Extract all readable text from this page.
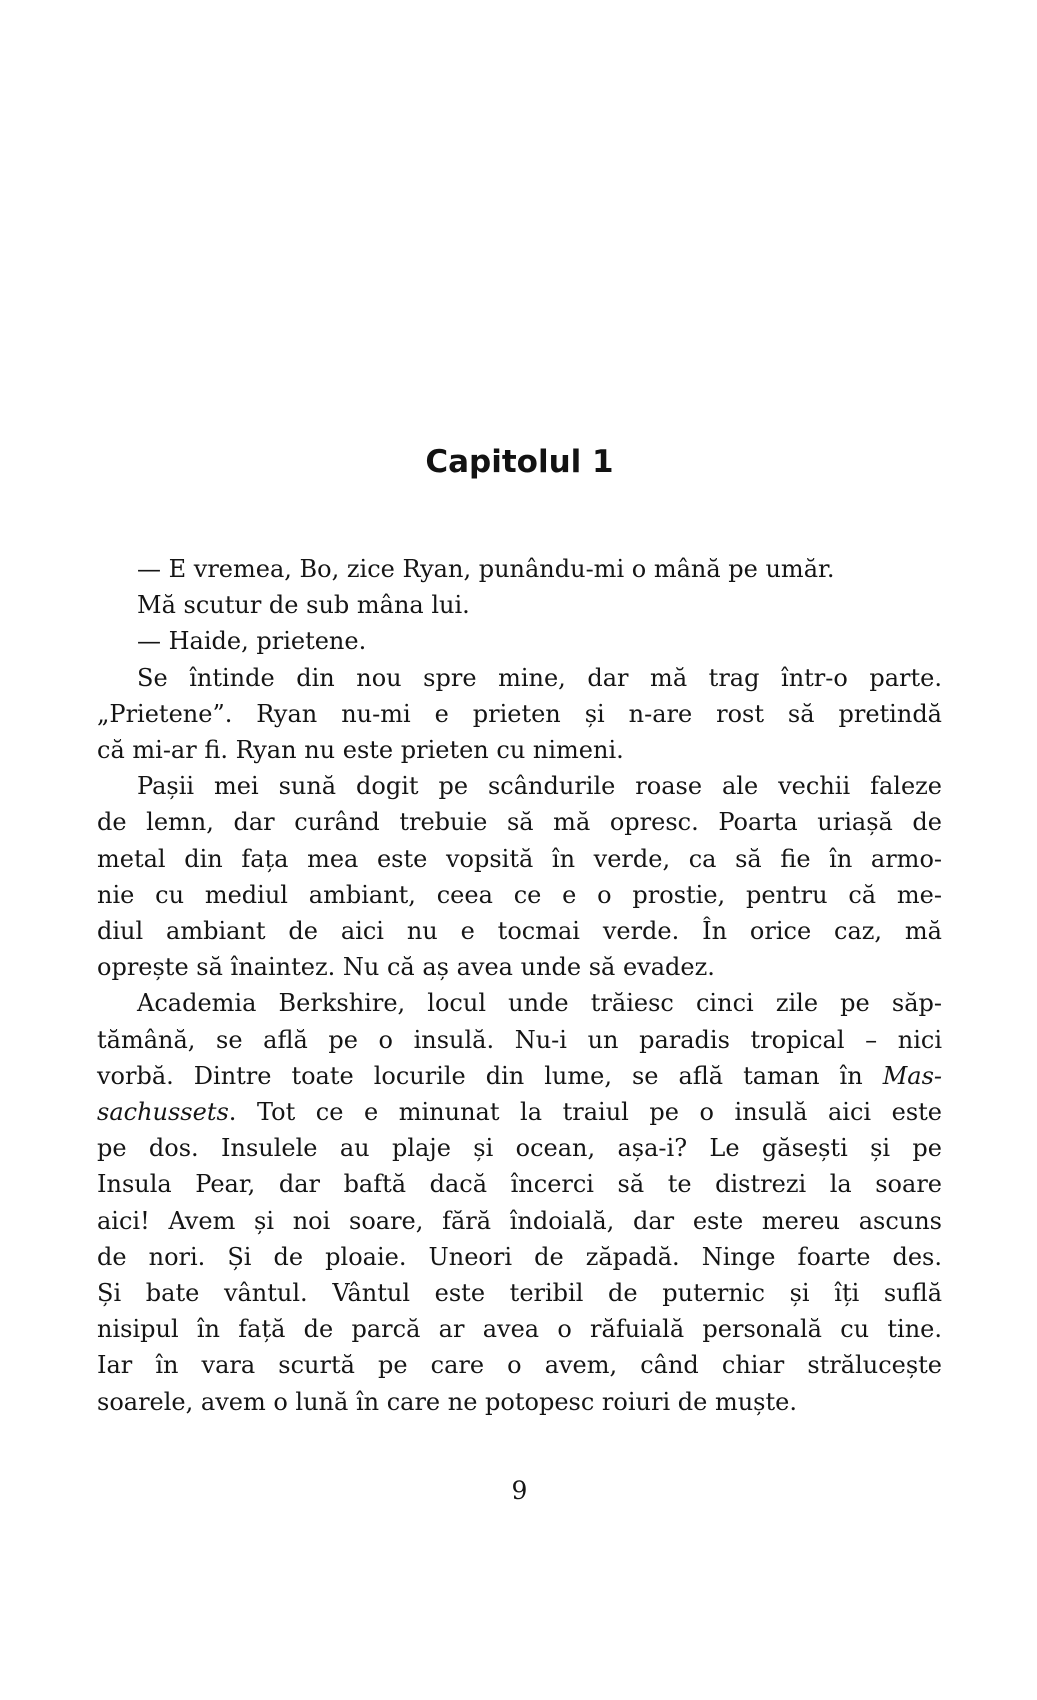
Capitolul 1

— E vremea, Bo, zice Ryan, punându-mi o mână pe umăr.

Mă scutur de sub mâna lui.

— Haide, prietene.

Se întinde din nou spre mine, dar mă trag într-o parte.
„Prietene”. Ryan nu-mi e prieten și n-are rost să pretindă
că mi-ar fi. Ryan nu este prieten cu nimeni.

Pașii mei sună dogit pe scândurile roase ale vechii faleze
de lemn, dar curând trebuie să mă opresc. Poarta uriașă de
metal din fața mea este vopsită în verde, ca să fie în armo-
nie cu mediul ambiant, ceea ce e o prostie, pentru că me-
diul ambiant de aici nu e tocmai verde. În orice caz, mă
oprește să înaintez. Nu că aș avea unde să evadez.

Academia Berkshire, locul unde trăiesc cinci zile pe săp-
tămână, se află pe o insulă. Nu-i un paradis tropical – nici
vorbă. Dintre toate locurile din lume, se află taman în Mas-
sachussets. Tot ce e minunat la traiul pe o insulă aici este
pe dos. Insulele au plaje și ocean, așa-i? Le găsești și pe
Insula Pear, dar baftă dacă încerci să te distrezi la soare
aici! Avem și noi soare, fără îndoială, dar este mereu ascuns
de nori. Și de ploaie. Uneori de zăpadă. Ninge foarte des.
Și bate vântul. Vântul este teribil de puternic și îți suflă
nisipul în față de parcă ar avea o răfuială personală cu tine.
Iar în vara scurtă pe care o avem, când chiar strălucește
soarele, avem o lună în care ne potopesc roiuri de muște.

9
